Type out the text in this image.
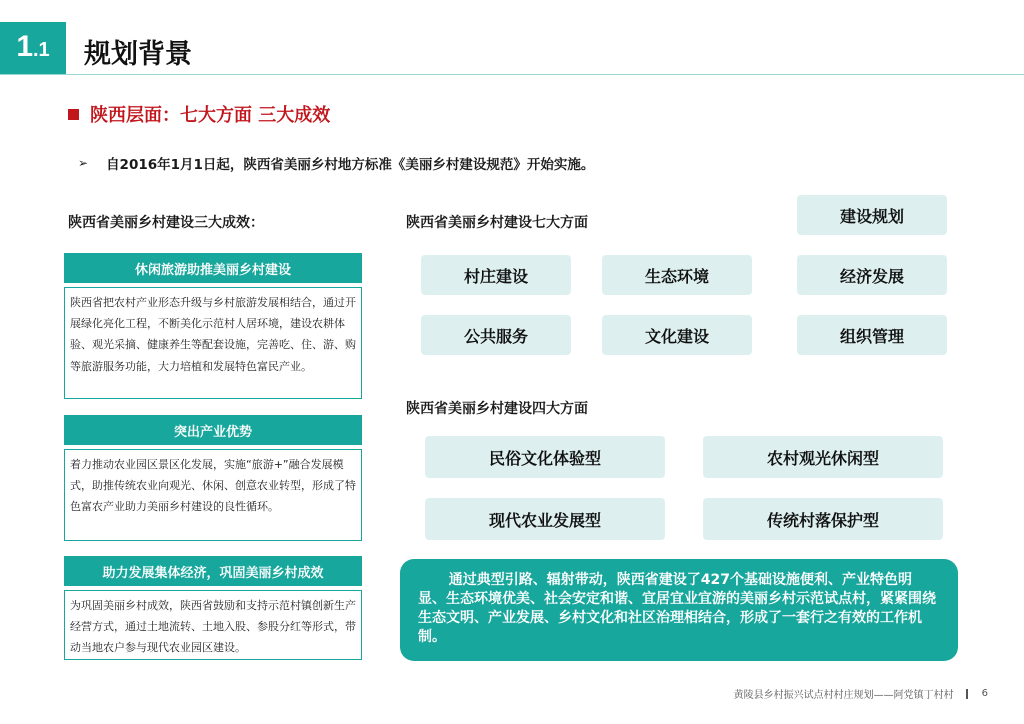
1 .1 规划背景
陕西层面：七大方面 三大成效
➢ 自2016年1月1日起，陕西省美丽乡村地方标准《美丽乡村建设规范》开始实施。
陕西省美丽乡村建设三大成效：
休闲旅游助推美丽乡村建设
陕西省把农村产业形态升级与乡村旅游发展相结合，通过开展绿化亮化工程，不断美化示范村人居环境，建设农耕体验、观光采摘、健康养生等配套设施，完善吃、住、游、购等旅游服务功能，大力培植和发展特色富民产业。
突出产业优势
着力推动农业园区景区化发展，实施“旅游+”融合发展模式，助推传统农业向观光、休闲、创意农业转型，形成了特色富农产业助力美丽乡村建设的良性循环。
助力发展集体经济，巩固美丽乡村成效
为巩固美丽乡村成效，陕西省鼓励和支持示范村镇创新生产经营方式，通过土地流转、土地入股、参股分红等形式，带动当地农户参与现代农业园区建设。
陕西省美丽乡村建设七大方面	建设规划
村庄建设	生态环境	经济发展
公共服务	文化建设	组织管理
陕西省美丽乡村建设四大方面
民俗文化体验型	农村观光休闲型
现代农业发展型	传统村落保护型
通过典型引路、辐射带动，陕西省建设了427个基础设施便利、产业特色明显、生态环境优美、社会安定和谐、宜居宜业宜游的美丽乡村示范试点村，紧紧围绕生态文明、产业发展、乡村文化和社区治理相结合，形成了一套行之有效的工作机制。
黄陵县乡村振兴试点村村庄规划——阿党镇丁村村	6
